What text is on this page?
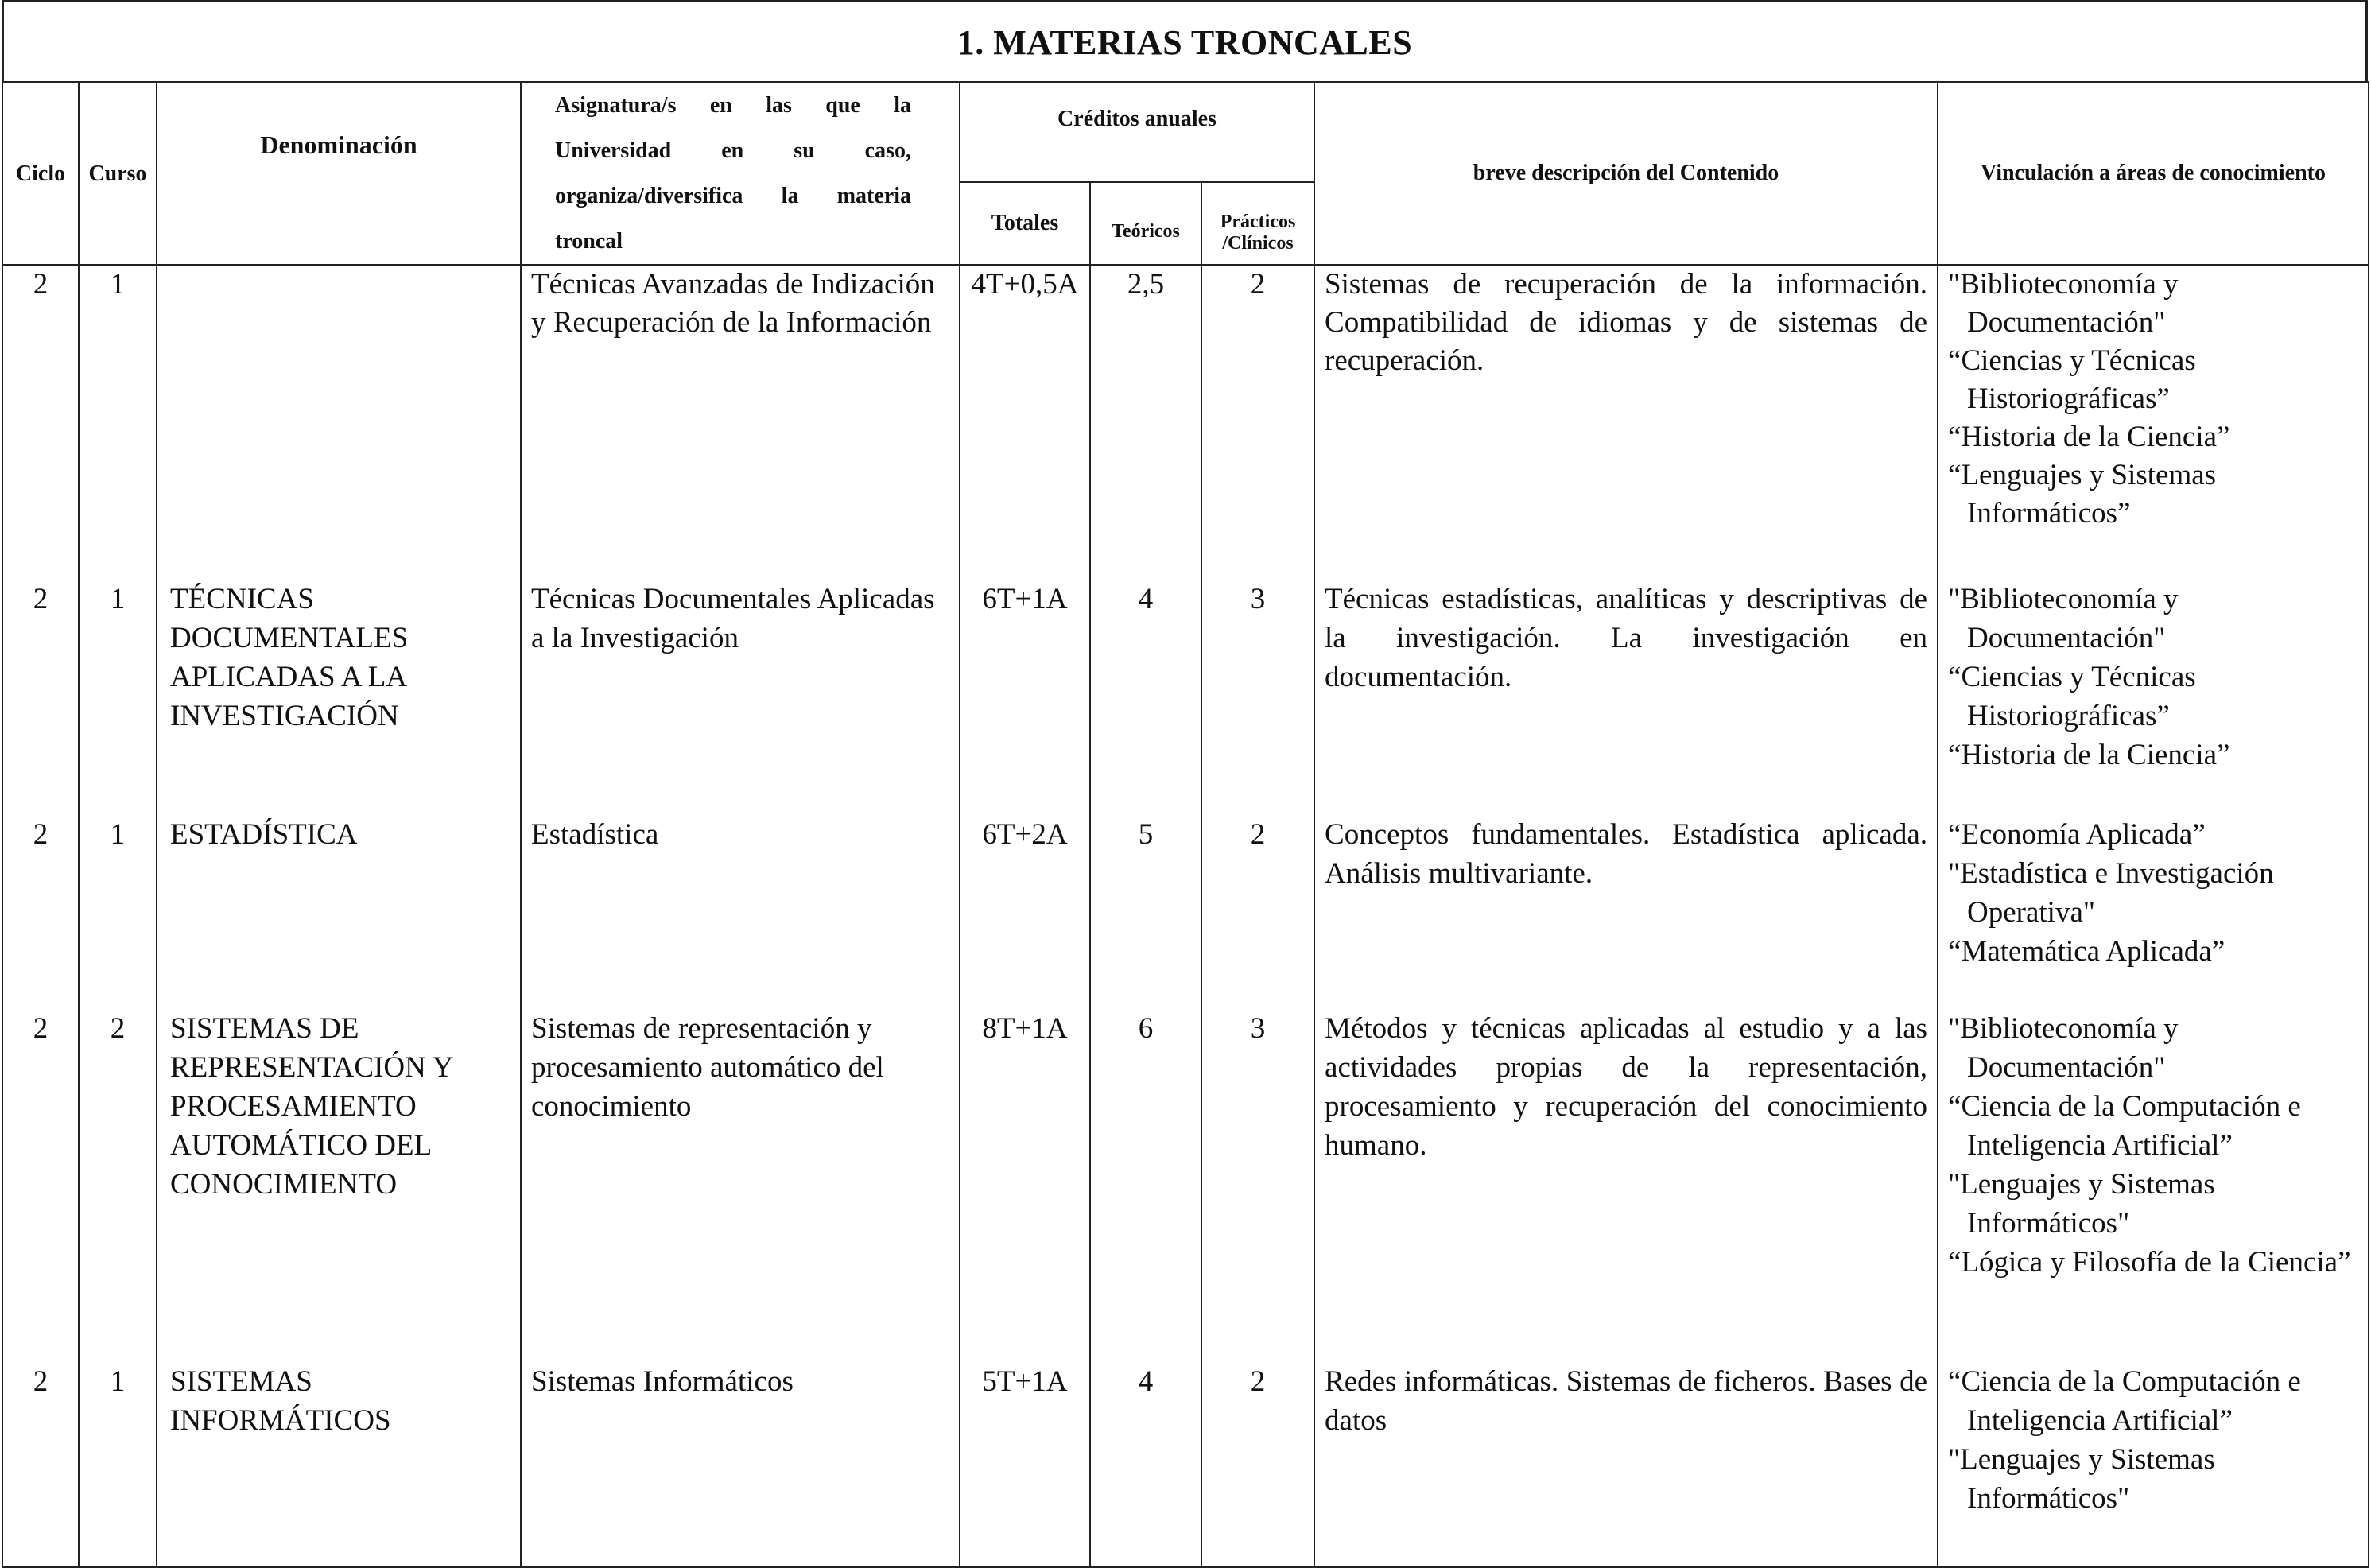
1. MATERIAS TRONCALES
Ciclo	Curso	Denominación	Asignatura/s en las que la Universidad en su caso, organiza/diversifica la materia troncal	Créditos anuales			breve descripción del Contenido	Vinculación a áreas de conocimiento
				Totales	Teóricos	Prácticos /Clínicos		
2	1		Técnicas Avanzadas de Indización y Recuperación de la Información	4T+0,5A	2,5	2	Sistemas de recuperación de la información. Compatibilidad de idiomas y de sistemas de recuperación.	"Biblioteconomía y Documentación"
“Ciencias y Técnicas Historiográficas”
“Historia de la Ciencia”
“Lenguajes y Sistemas Informáticos”

2	1	TÉCNICAS DOCUMENTALES APLICADAS A LA INVESTIGACIÓN	Técnicas Documentales Aplicadas a la Investigación	6T+1A	4	3	Técnicas estadísticas, analíticas y descriptivas de la investigación. La investigación en documentación.	"Biblioteconomía y Documentación"
“Ciencias y Técnicas Historiográficas”
“Historia de la Ciencia”

2	1	ESTADÍSTICA	Estadística	6T+2A	5	2	Conceptos fundamentales. Estadística aplicada. Análisis multivariante.	“Economía Aplicada”
"Estadística e Investigación Operativa"
“Matemática Aplicada”

2	2	SISTEMAS DE REPRESENTACIÓN Y PROCESAMIENTO AUTOMÁTICO DEL CONOCIMIENTO	Sistemas de representación y procesamiento automático del conocimiento	8T+1A	6	3	Métodos y técnicas aplicadas al estudio y a las actividades propias de la representación, procesamiento y recuperación del conocimiento humano.	"Biblioteconomía y Documentación"
“Ciencia de la Computación e Inteligencia Artificial”
"Lenguajes y Sistemas Informáticos"
“Lógica y Filosofía de la Ciencia”

2	1	SISTEMAS INFORMÁTICOS	Sistemas Informáticos	5T+1A	4	2	Redes informáticas. Sistemas de ficheros. Bases de datos	“Ciencia de la Computación e Inteligencia Artificial”
"Lenguajes y Sistemas Informáticos"
